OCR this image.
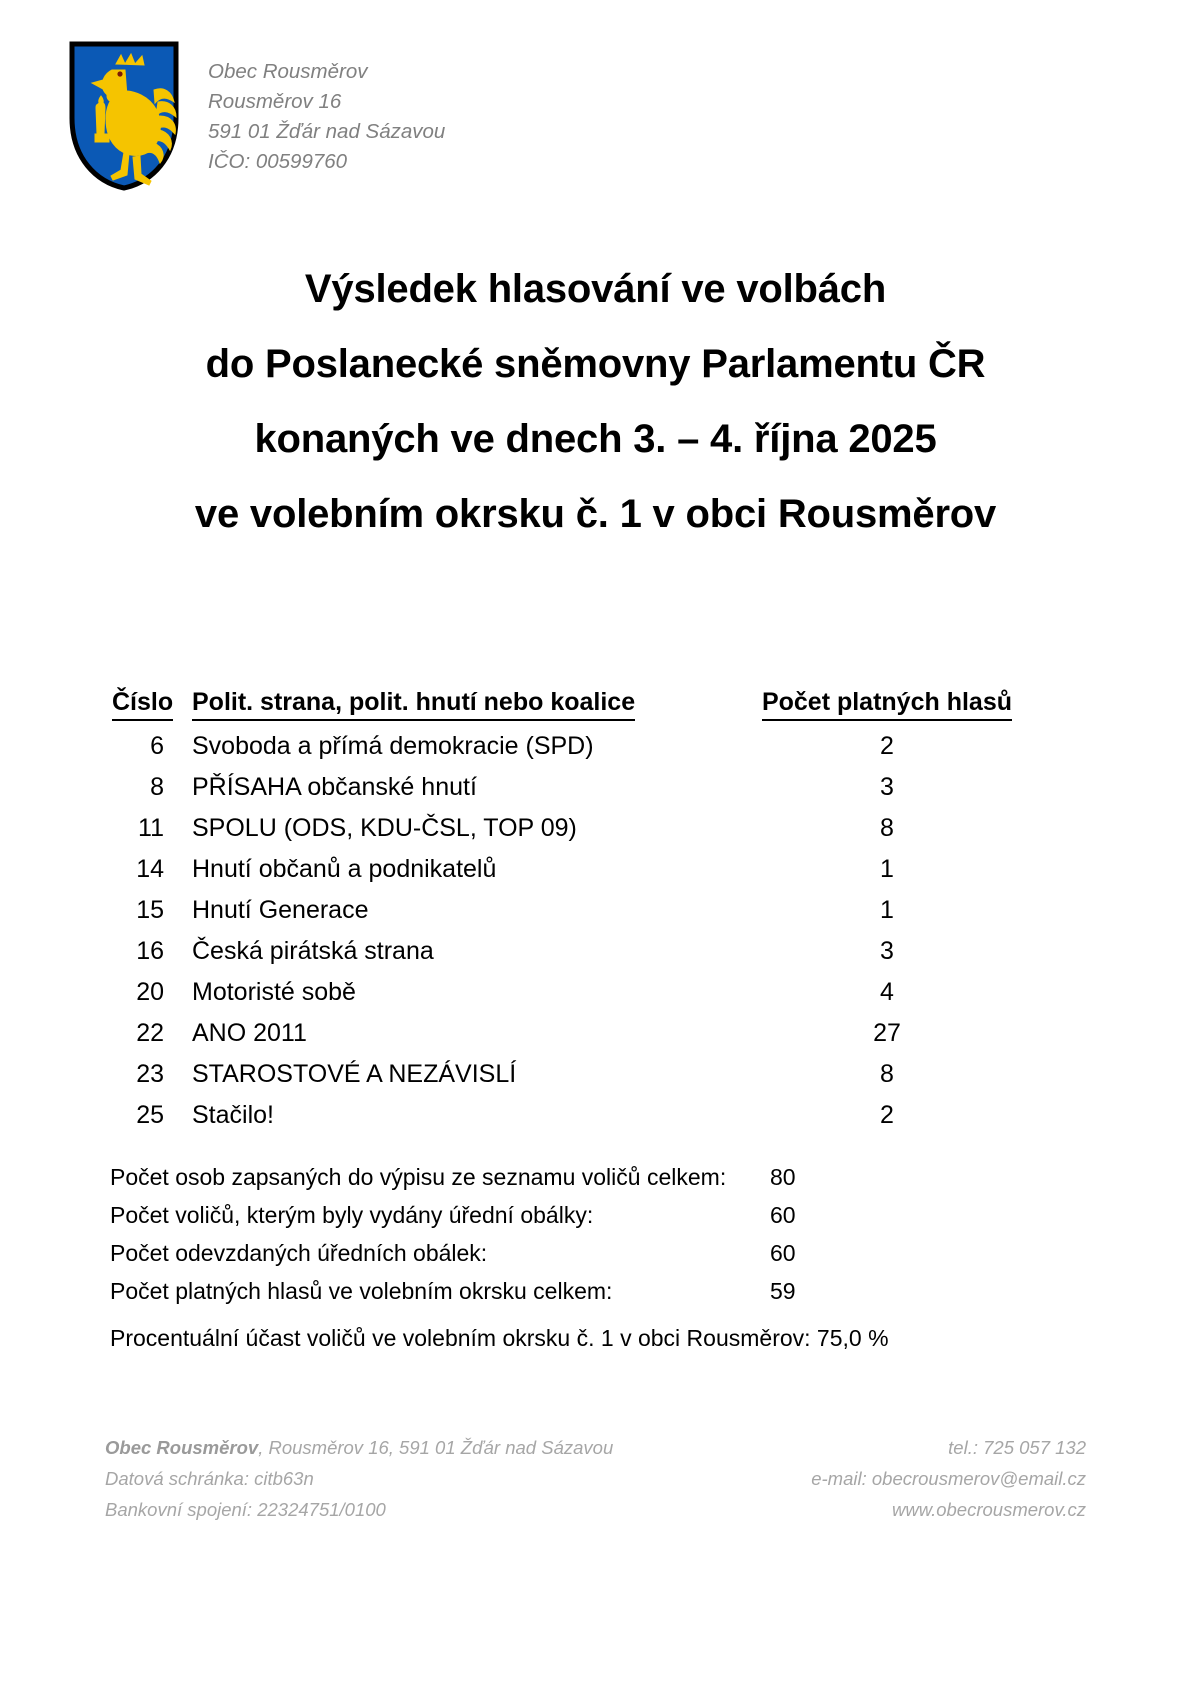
Obec Rousměrov
Rousměrov 16
591 01 Žďár nad Sázavou
IČO: 00599760
Výsledek hlasování ve volbách
do Poslanecké sněmovny Parlamentu ČR
konaných ve dnech 3. – 4. října 2025
ve volebním okrsku č. 1 v obci Rousměrov
Číslo	Polit. strana, polit. hnutí nebo koalice	Počet platných hlasů
6	Svoboda a přímá demokracie (SPD)	2
8	PŘÍSAHA občanské hnutí	3
11	SPOLU (ODS, KDU-ČSL, TOP 09)	8
14	Hnutí občanů a podnikatelů	1
15	Hnutí Generace	1
16	Česká pirátská strana	3
20	Motoristé sobě	4
22	ANO 2011	27
23	STAROSTOVÉ A NEZÁVISLÍ	8
25	Stačilo!	2
Počet osob zapsaných do výpisu ze seznamu voličů celkem:	80
Počet voličů, kterým byly vydány úřední obálky:	60
Počet odevzdaných úředních obálek:	60
Počet platných hlasů ve volebním okrsku celkem:	59
Procentuální účast voličů ve volebním okrsku č. 1 v obci Rousměrov: 75,0 %
Obec Rousměrov, Rousměrov 16, 591 01 Žďár nad Sázavou	tel.: 725 057 132
Datová schránka: citb63n	e-mail: obecrousmerov@email.cz
Bankovní spojení: 22324751/0100	www.obecrousmerov.cz
